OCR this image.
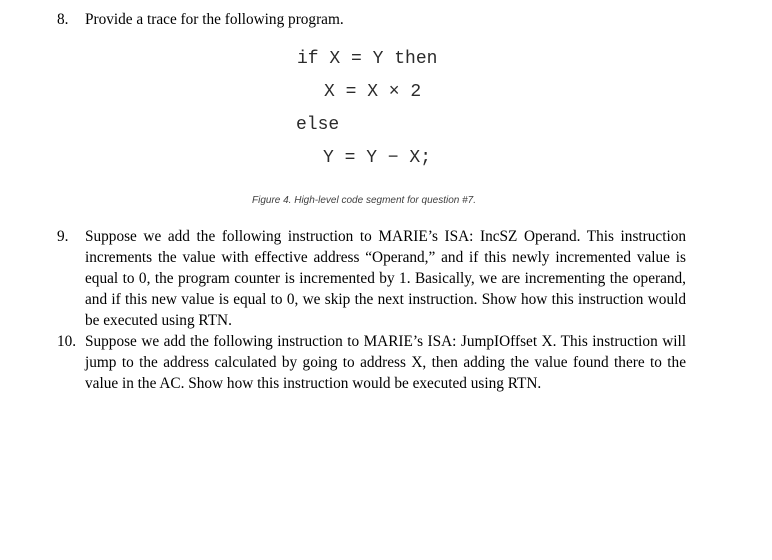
8. Provide a trace for the following program.
if X = Y then
X = X × 2
else
Y = Y − X;
Figure 4. High-level code segment for question #7.
9. Suppose we add the following instruction to MARIE’s ISA: IncSZ Operand. This instruction increments the value with effective address “Operand,” and if this newly incremented value is equal to 0, the program counter is incremented by 1. Basically, we are incrementing the operand, and if this new value is equal to 0, we skip the next instruction. Show how this instruction would be executed using RTN.
10. Suppose we add the following instruction to MARIE’s ISA: JumpIOffset X. This instruction will jump to the address calculated by going to address X, then adding the value found there to the value in the AC. Show how this instruction would be executed using RTN.
